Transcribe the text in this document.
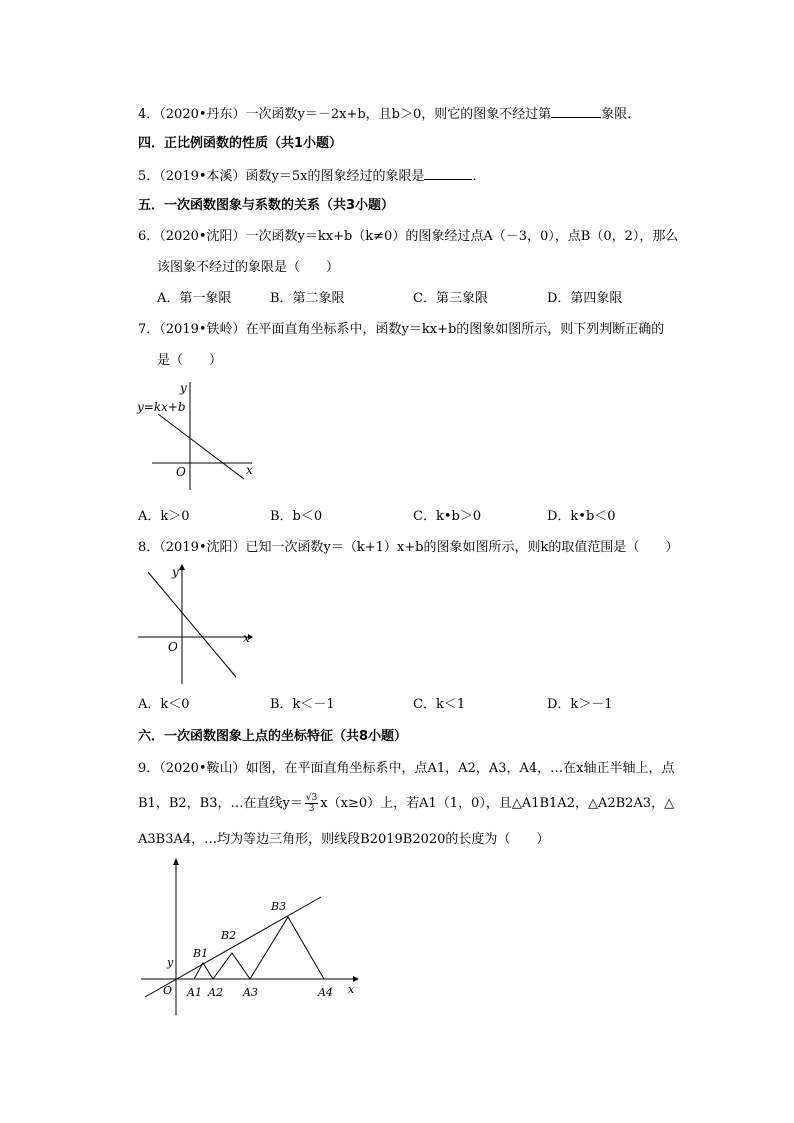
4．（2020•丹东）一次函数y＝－2x+b，且b＞0，则它的图象不经过第	象限．
四．正比例函数的性质（共1小题）
5．（2019•本溪）函数y＝5x的图象经过的象限是	．
五．一次函数图象与系数的关系（共3小题）
6．（2020•沈阳）一次函数y＝kx+b（k≠0）的图象经过点A（－3，0），点B（0，2），那么
该图象不经过的象限是（　　）
A．第一象限	B．第二象限	C．第三象限	D．第四象限
7．（2019•铁岭）在平面直角坐标系中，函数y＝kx+b的图象如图所示，则下列判断正确的
是（　　）
y
x
O
y=kx+b
A．k＞0	B．b＜0	C．k•b＞0	D．k•b＜0
8．（2019•沈阳）已知一次函数y＝（k+1）x+b的图象如图所示，则k的取值范围是（　　）
y
x
O
A．k＜0	B．k＜－1	C．k＜1	D．k＞－1
六．一次函数图象上点的坐标特征（共8小题）
9．（2020•鞍山）如图，在平面直角坐标系中，点A1，A2，A3，A4，…在x轴正半轴上，点
B1，B2，B3，…在直线$y= \frac{√3}{3} x(x\ge 0)$上，若A1（1，0），且△A1B1A2，△A2B2A3，△
A3B3A4，…均为等边三角形，则线段B2019B2020的长度为（　　）
y
x
O A1 A2 A3	A4
B1
B2
B3
